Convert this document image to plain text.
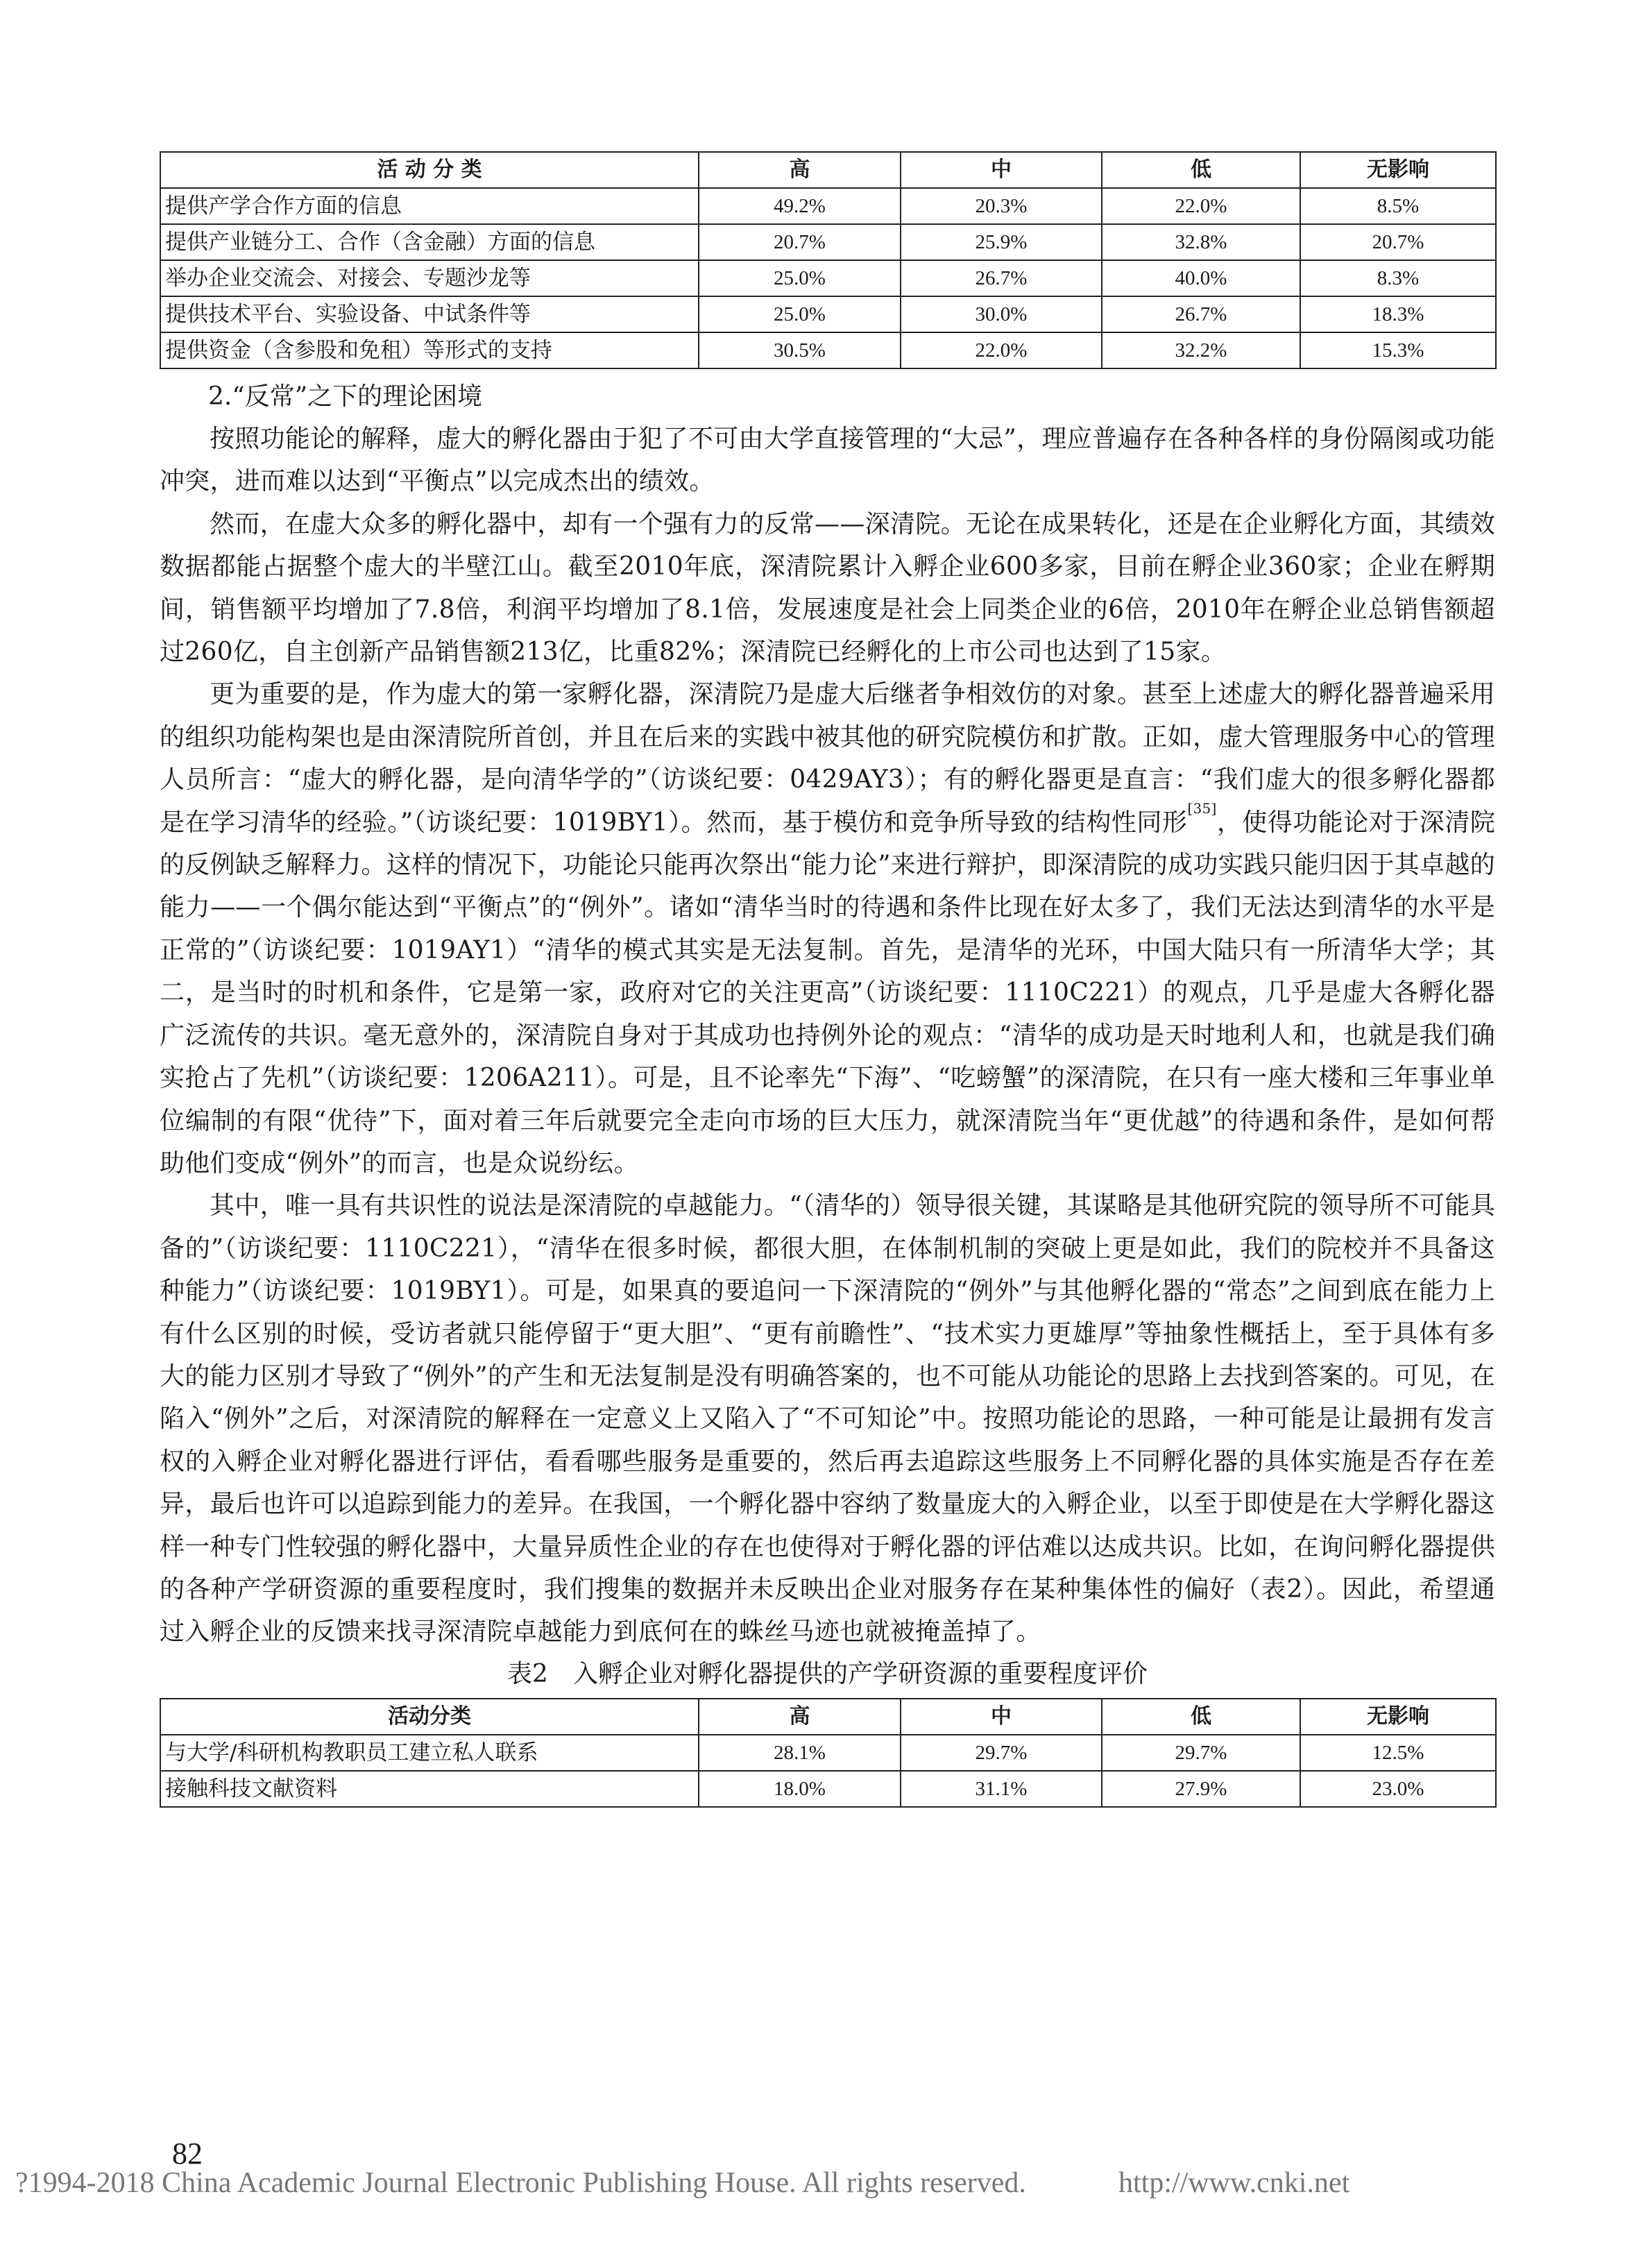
活 动 分 类	高	中	低	无影响
提供产学合作方面的信息	49.2%	20.3%	22.0%	8.5%
提供产业链分工、合作（含金融）方面的信息	20.7%	25.9%	32.8%	20.7%
举办企业交流会、对接会、专题沙龙等	25.0%	26.7%	40.0%	8.3%
提供技术平台、实验设备、中试条件等	25.0%	30.0%	26.7%	18.3%
提供资金（含参股和免租）等形式的支持	30.5%	22.0%	32.2%	15.3%
2.“反常”之下的理论困境

按照功能论的解释，虚大的孵化器由于犯了不可由大学直接管理的“大忌”，理应普遍存在各种各样的身份隔阂或功能冲突，进而难以达到“平衡点”以完成杰出的绩效。

然而，在虚大众多的孵化器中，却有一个强有力的反常——深清院。无论在成果转化，还是在企业孵化方面，其绩效数据都能占据整个虚大的半壁江山。截至2010年底，深清院累计入孵企业600多家，目前在孵企业360家；企业在孵期间，销售额平均增加了7.8倍，利润平均增加了8.1倍，发展速度是社会上同类企业的6倍，2010年在孵企业总销售额超过260亿，自主创新产品销售额213亿，比重82%；深清院已经孵化的上市公司也达到了15家。

更为重要的是，作为虚大的第一家孵化器，深清院乃是虚大后继者争相效仿的对象。甚至上述虚大的孵化器普遍采用的组织功能构架也是由深清院所首创，并且在后来的实践中被其他的研究院模仿和扩散。正如，虚大管理服务中心的管理人员所言：“虚大的孵化器，是向清华学的”（访谈纪要：0429AY3）；有的孵化器更是直言：“我们虚大的很多孵化器都是在学习清华的经验。”（访谈纪要：1019BY1）。然而，基于模仿和竞争所导致的结构性同形[35]，使得功能论对于深清院的反例缺乏解释力。这样的情况下，功能论只能再次祭出“能力论”来进行辩护，即深清院的成功实践只能归因于其卓越的能力——一个偶尔能达到“平衡点”的“例外”。诸如“清华当时的待遇和条件比现在好太多了，我们无法达到清华的水平是正常的”（访谈纪要：1019AY1）“清华的模式其实是无法复制。首先，是清华的光环，中国大陆只有一所清华大学；其二，是当时的时机和条件，它是第一家，政府对它的关注更高”（访谈纪要：1110C221）的观点，几乎是虚大各孵化器广泛流传的共识。毫无意外的，深清院自身对于其成功也持例外论的观点：“清华的成功是天时地利人和，也就是我们确实抢占了先机”（访谈纪要：1206A211）。可是，且不论率先“下海”、“吃螃蟹”的深清院，在只有一座大楼和三年事业单位编制的有限“优待”下，面对着三年后就要完全走向市场的巨大压力，就深清院当年“更优越”的待遇和条件，是如何帮助他们变成“例外”的而言，也是众说纷纭。

其中，唯一具有共识性的说法是深清院的卓越能力。“（清华的）领导很关键，其谋略是其他研究院的领导所不可能具备的”（访谈纪要：1110C221），“清华在很多时候，都很大胆，在体制机制的突破上更是如此，我们的院校并不具备这种能力”（访谈纪要：1019BY1）。可是，如果真的要追问一下深清院的“例外”与其他孵化器的“常态”之间到底在能力上有什么区别的时候，受访者就只能停留于“更大胆”、“更有前瞻性”、“技术实力更雄厚”等抽象性概括上，至于具体有多大的能力区别才导致了“例外”的产生和无法复制是没有明确答案的，也不可能从功能论的思路上去找到答案的。可见，在陷入“例外”之后，对深清院的解释在一定意义上又陷入了“不可知论”中。按照功能论的思路，一种可能是让最拥有发言权的入孵企业对孵化器进行评估，看看哪些服务是重要的，然后再去追踪这些服务上不同孵化器的具体实施是否存在差异，最后也许可以追踪到能力的差异。在我国，一个孵化器中容纳了数量庞大的入孵企业，以至于即使是在大学孵化器这样一种专门性较强的孵化器中，大量异质性企业的存在也使得对于孵化器的评估难以达成共识。比如，在询问孵化器提供的各种产学研资源的重要程度时，我们搜集的数据并未反映出企业对服务存在某种集体性的偏好（表2）。因此，希望通过入孵企业的反馈来找寻深清院卓越能力到底何在的蛛丝马迹也就被掩盖掉了。

表2　入孵企业对孵化器提供的产学研资源的重要程度评价
活动分类	高	中	低	无影响
与大学/科研机构教职员工建立私人联系	28.1%	29.7%	29.7%	12.5%
接触科技文献资料	18.0%	31.1%	27.9%	23.0%
82
?1994-2018 China Academic Journal Electronic Publishing House. All rights reserved.	http://www.cnki.net
